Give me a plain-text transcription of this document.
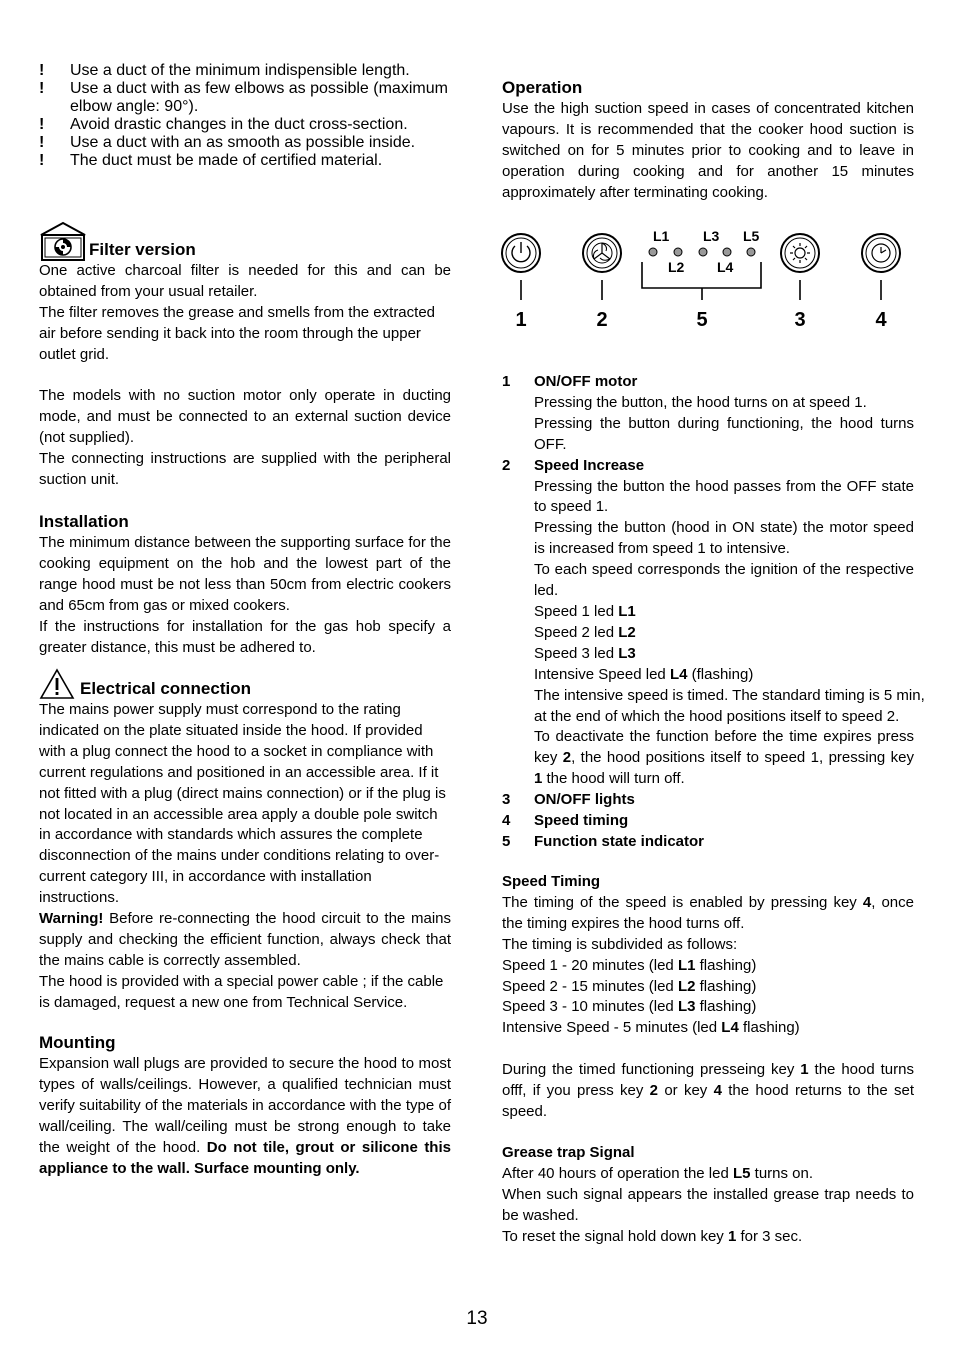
!	Use a duct of the minimum indispensible length.
!	Use a duct with as few elbows as possible (maximum elbow angle: 90°).
!	Avoid drastic changes in the duct cross-section.
!	Use a duct with an as smooth as possible inside.
!	The duct must be made of certified material.
Filter version

One active charcoal filter is needed for this and can be obtained from your usual retailer.

The filter removes the grease and smells from the extracted air before sending it back into the room through the upper outlet grid.

The models with no suction motor only operate in ducting mode, and must be connected to an external suction device (not supplied).

The connecting instructions are supplied with the peripheral suction unit.

Installation

The minimum distance between the supporting surface for the cooking equipment on the hob and the lowest part of the range hood must be not less than 50cm from electric cookers and 65cm from gas or mixed cookers.

If the instructions for installation for the gas hob specify a greater distance, this must be adhered to.

Electrical connection

The mains power supply must correspond to the rating indicated on the plate situated inside the hood. If provided with a plug connect the hood to a socket in compliance with current regulations and positioned in an accessible area. If it not fitted with a plug (direct mains connection) or if the plug is not located in an accessible area apply a double pole switch in accordance with standards which assures the complete disconnection of the mains under conditions relating to over-current category III, in accordance with installation instructions.

Warning! Before re-connecting the hood circuit to the mains supply and checking the efficient function, always check that the mains cable is correctly assembled.

The hood is provided with a special power cable ; if the cable is damaged, request a new one from Technical Service.

Mounting

Expansion wall plugs are provided to secure the hood to most types of walls/ceilings. However, a qualified technician must verify suitability of the materials in accordance with the type of wall/ceiling. The wall/ceiling must be strong enough to take the weight of the hood. Do not tile, grout or silicone this appliance to the wall. Surface mounting only.

Operation

Use the high suction speed in cases of concentrated kitchen vapours. It is recommended that the cooker hood suction is switched on for 5 minutes prior to cooking and to leave in operation during cooking and for another 15 minutes approximately after terminating cooking.

1	ON/OFF motor

Pressing the button, the hood turns on at speed 1.

Pressing the button during functioning, the hood turns OFF.

2	Speed Increase

Pressing the button the hood passes from the OFF state to speed 1.

Pressing the button (hood in ON state) the motor speed is increased from speed 1 to intensive.

To each speed corresponds the ignition of the respective led.

Speed 1 led L1

Speed 2 led L2

Speed 3 led L3

Intensive Speed led L4 (flashing)

The intensive speed is timed. The standard timing is 5 min, at the end of which the hood positions itself to speed 2.

To deactivate the function before the time expires press key 2, the hood positions itself to speed 1, pressing key 1 the hood will turn off.

3	ON/OFF lights
4	Speed timing
5	Function state indicator
Speed Timing

The timing of the speed is enabled by pressing key 4, once the timing expires the hood turns off.

The timing is subdivided as follows:

Speed 1 - 20 minutes (led L1 flashing)

Speed 2 - 15 minutes (led L2 flashing)

Speed 3 - 10 minutes (led L3 flashing)

Intensive Speed - 5 minutes (led L4 flashing)

During the timed functioning presseing key 1 the hood turns offf, if you press key 2 or key 4 the hood returns to the set speed.

Grease trap Signal

After 40 hours of operation the led L5 turns on.

When such signal appears the installed grease trap needs to be washed.

To reset the signal hold down key 1 for 3 sec.

L1 L3 L5
L2 L4
1	2	5	3	4
13
